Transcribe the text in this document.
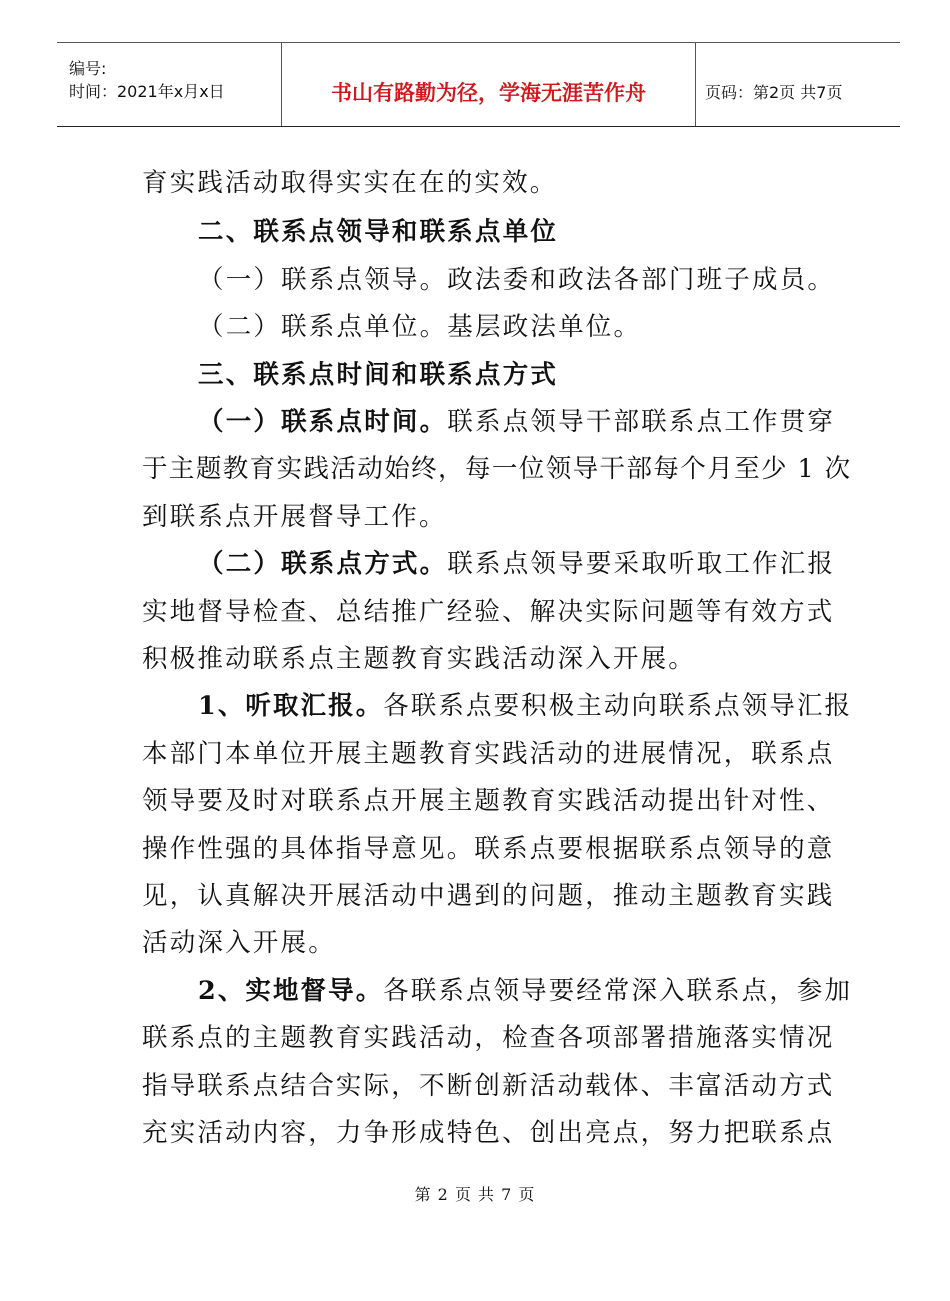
编号:
时间：2021年x月x日	书山有路勤为径，学海无涯苦作舟	页码：第2页 共7页
育实践活动取得实实在在的实效。
二、联系点领导和联系点单位
（一）联系点领导。政法委和政法各部门班子成员。
（二）联系点单位。基层政法单位。
三、联系点时间和联系点方式
（一）联系点时间。联系点领导干部联系点工作贯穿
于主题教育实践活动始终，每一位领导干部每个月至少 1 次
到联系点开展督导工作。
（二）联系点方式。联系点领导要采取听取工作汇报
实地督导检查、总结推广经验、解决实际问题等有效方式
积极推动联系点主题教育实践活动深入开展。
1、听取汇报。各联系点要积极主动向联系点领导汇报
本部门本单位开展主题教育实践活动的进展情况，联系点
领导要及时对联系点开展主题教育实践活动提出针对性、
操作性强的具体指导意见。联系点要根据联系点领导的意
见，认真解决开展活动中遇到的问题，推动主题教育实践
活动深入开展。
2、实地督导。各联系点领导要经常深入联系点，参加
联系点的主题教育实践活动，检查各项部署措施落实情况
指导联系点结合实际，不断创新活动载体、丰富活动方式
充实活动内容，力争形成特色、创出亮点，努力把联系点
第 2 页 共 7 页
